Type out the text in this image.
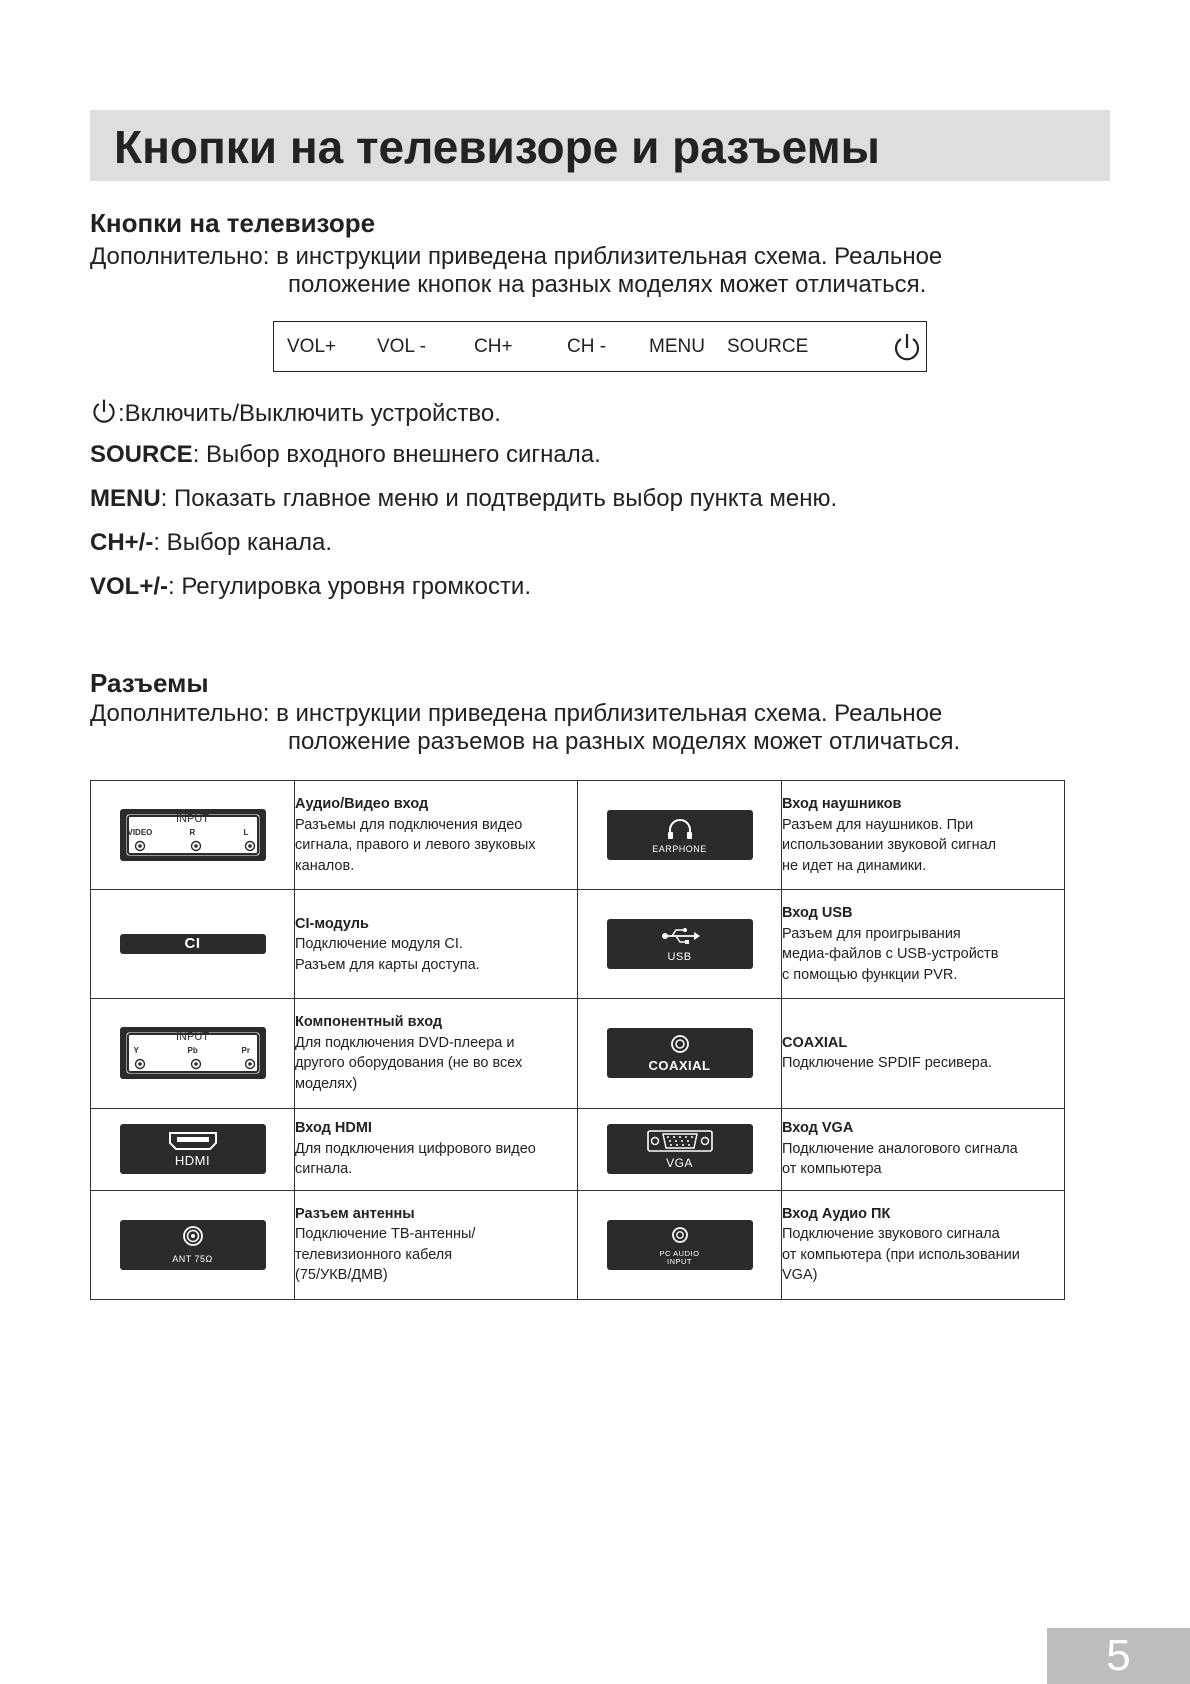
Кнопки на телевизоре и разъемы
Кнопки на телевизоре
Дополнительно: в инструкции приведена приблизительная схема. Реальное
положение кнопок на разных моделях может отличаться.
VOL+ VOL -	CH+	CH - MENU SOURCE

:Включить/Выключить устройство.

SOURCE: Выбор входного внешнего сигнала.

MENU: Показать главное меню и подтвердить выбор пункта меню.

CH+/-: Выбор канала.

VOL+/-: Регулировка уровня громкости.

Разъемы
Дополнительно: в инструкции приведена приблизительная схема. Реальное
положение разъемов на разных моделях может отличаться.
INPUT
VIDEO R L	Аудио/Видео вход
Разъемы для подключения видео
сигнала, правого и левого звуковых
каналов.	EARPHONE	Вход наушников
Разъем для наушников. При
использовании звуковой сигнал
не идет на динамики.

CI	CI-модуль
Подключение модуля CI.
Разъем для карты доступа.	USB	Вход USB
Разъем для проигрывания
медиа-файлов с USB-устройств
с помощью функции PVR.

INPUT
Y Pb Pr	Компонентный вход
Для подключения DVD-плеера и
другого оборудования (не во всех
моделях)	COAXIAL	COAXIAL
Подключение SPDIF ресивера.

HDMI	Вход HDMI
Для подключения цифрового видео
сигнала.	VGA	Вход VGA
Подключение аналогового сигнала
от компьютера

ANT 75Ω	Разъем антенны
Подключение ТВ-антенны/
телевизионного кабеля
(75/УКВ/ДМВ)	PC AUDIO
INPUT	Вход Аудио ПК
Подключение звукового сигнала
от компьютера (при использовании
VGA)
5
